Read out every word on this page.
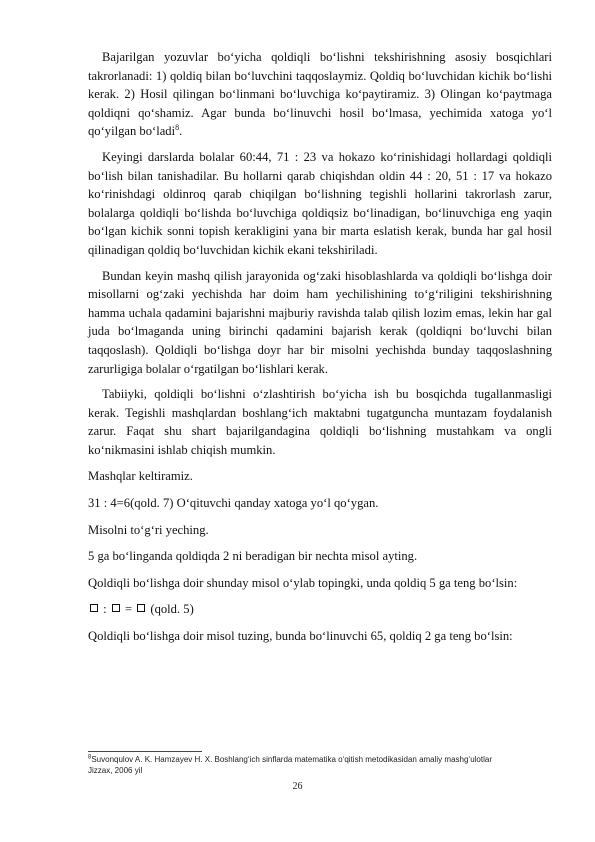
Bajarilgan yozuvlar bo‘yicha qoldiqli bo‘lishni tekshirishning asosiy bosqichlari takrorlanadi: 1) qoldiq bilan bo‘luvchini taqqoslaymiz. Qoldiq bo‘luvchidan kichik bo‘lishi kerak. 2) Hosil qilingan bo‘linmani bo‘luvchiga ko‘paytiramiz. 3) Olingan ko‘paytmaga qoldiqni qo‘shamiz. Agar bunda bo‘linuvchi hosil bo‘lmasa, yechimida xatoga yo‘l qo‘yilgan bo‘ladi$^8$.

Keyingi darslarda bolalar 60:44, 71 : 23 va hokazo ko‘rinishidagi hollardagi qoldiqli bo‘lish bilan tanishadilar. Bu hollarni qarab chiqishdan oldin 44 : 20, 51 : 17 va hokazo ko‘rinishdagi oldinroq qarab chiqilgan bo‘lishning tegishli hollarini takrorlash zarur, bolalarga qoldiqli bo‘lishda bo‘luvchiga qoldiqsiz bo‘linadigan, bo‘linuvchiga eng yaqin bo‘lgan kichik sonni topish kerakligini yana bir marta eslatish kerak, bunda har gal hosil qilinadigan qoldiq bo‘luvchidan kichik ekani tekshiriladi.

Bundan keyin mashq qilish jarayonida og‘zaki hisoblashlarda va qoldiqli bo‘lishga doir misollarni og‘zaki yechishda har doim ham yechilishining to‘g‘riligini tekshirishning hamma uchala qadamini bajarishni majburiy ravishda talab qilish lozim emas, lekin har gal juda bo‘lmaganda uning birinchi qadamini bajarish kerak (qoldiqni bo‘luvchi bilan taqqoslash). Qoldiqli bo‘lishga doyr har bir misolni yechishda bunday taqqoslashning zarurligiga bolalar o‘rgatilgan bo‘lishlari kerak.

Tabiiyki, qoldiqli bo‘lishni o‘zlashtirish bo‘yicha ish bu bosqichda tugallanmasligi kerak. Tegishli mashqlardan boshlang‘ich maktabni tugatguncha muntazam foydalanish zarur. Faqat shu shart bajarilgandagina qoldiqli bo‘lishning mustahkam va ongli ko‘nikmasini ishlab chiqish mumkin.

Mashqlar keltiramiz.

31 : 4=6(qold. 7) O‘qituvchi qanday xatoga yo‘l qo‘ygan.

Misolni to‘g‘ri yeching.

5 ga bo‘linganda qoldiqda 2 ni beradigan bir nechta misol ayting.

Qoldiqli bo‘lishga doir shunday misol o‘ylab topingki, unda qoldiq 5 ga teng bo‘lsin:

: = (qold. 5)

Qoldiqli bo‘lishga doir misol tuzing, bunda bo‘linuvchi 65, qoldiq 2 ga teng bo‘lsin:

$^8$Suvonqulov A. K. Hamzayev H. X. Boshlang‘ich sinflarda matematika o‘qitish metodikasidan amaliy mashg‘ulotlar
Jizzax, 2006 yil
26
